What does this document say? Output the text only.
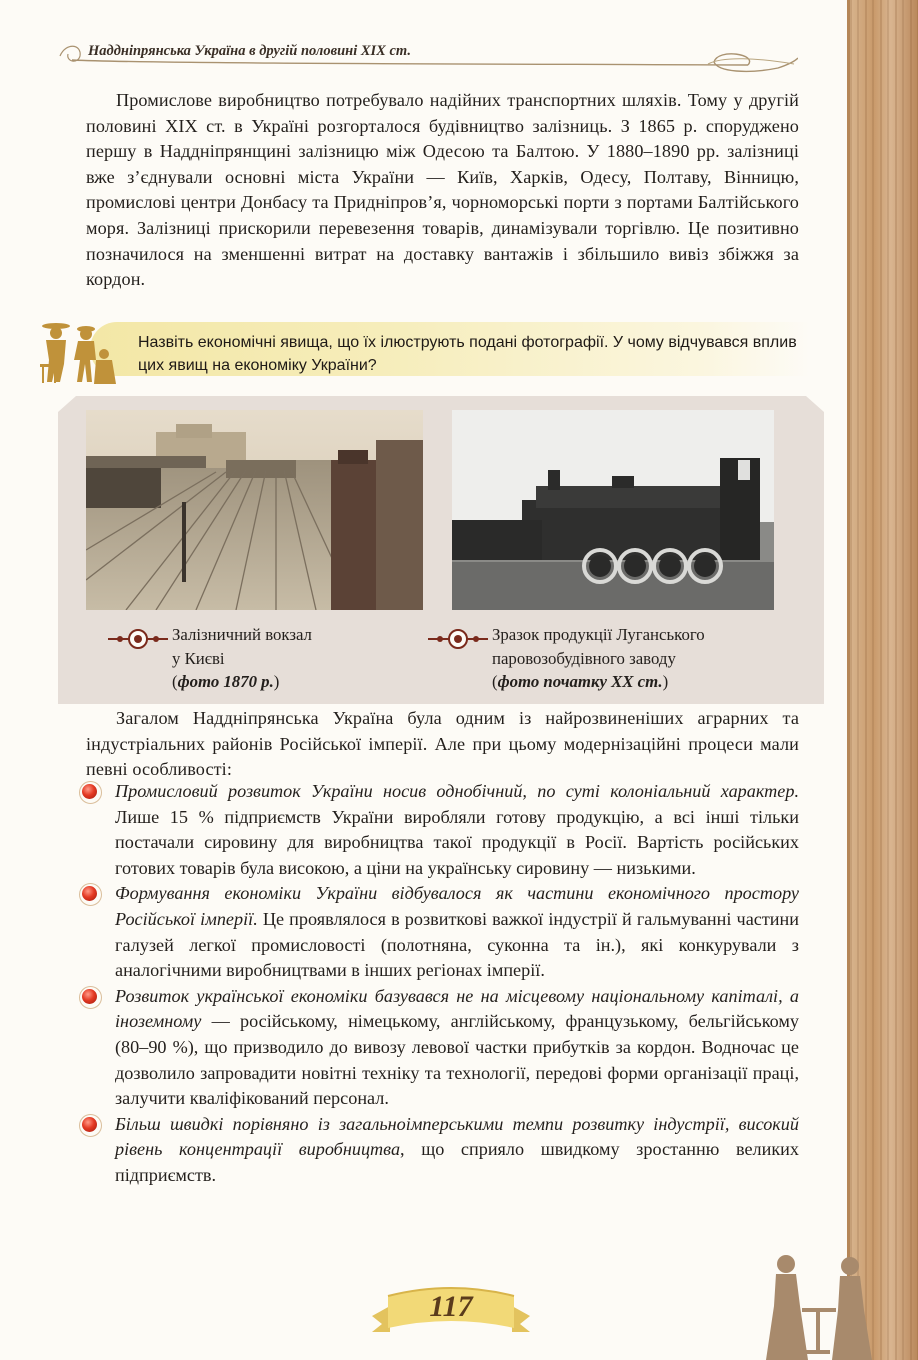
Наддніпрянська Україна в другій половині XIX ст.

Промислове виробництво потребувало надійних транспортних шляхів. Тому у другій половині XIX ст. в Україні розгорталося будівництво залізниць. З 1865 р. споруджено першу в Наддніпрянщині залізницю між Одесою та Балтою. У 1880–1890 рр. залізниці вже з’єднували основні міста України — Київ, Харків, Одесу, Полтаву, Вінницю, промислові центри Донбасу та Придніпров’я, чорноморські порти з портами Балтійського моря. Залізниці прискорили перевезення товарів, динамізували торгівлю. Це позитивно позначилося на зменшенні витрат на доставку вантажів і збільшило вивіз збіжжя за кордон.

Назвіть економічні явища, що їх ілюструють подані фотографії. У чому відчувався вплив цих явищ на економіку України?
Залізничний вокзал
у Києві
(фото 1870 р.)
Зразок продукції Луганського
паровозобудівного заводу
(фото початку XX ст.)

Загалом Наддніпрянська Україна була одним із найрозвиненіших аграрних та індустріальних районів Російської імперії. Але при цьому модернізаційні процеси мали певні особливості:

Промисловий розвиток України носив однобічний, по суті колоніальний характер. Лише 15 % підприємств України виробляли готову продукцію, а всі інші тільки постачали сировину для виробництва такої продукції в Росії. Вартість російських готових товарів була високою, а ціни на українську сировину — низькими.

Формування економіки України відбувалося як частини економічного простору Російської імперії. Це проявлялося в розвиткові важкої індустрії й гальмуванні частини галузей легкої промисловості (полотняна, суконна та ін.), які конкурували з аналогічними виробництвами в інших регіонах імперії.

Розвиток української економіки базувався не на місцевому національному капіталі, а іноземному — російському, німецькому, англійському, французькому, бельгійському (80–90 %), що призводило до вивозу левової частки прибутків за кордон. Водночас це дозволило запровадити новітні техніку та технології, передові форми організації праці, залучити кваліфікований персонал.

Більш швидкі порівняно із загальноімперськими темпи розвитку індустрії, високий рівень концентрації виробництва, що сприяло швидкому зростанню великих підприємств.

117
